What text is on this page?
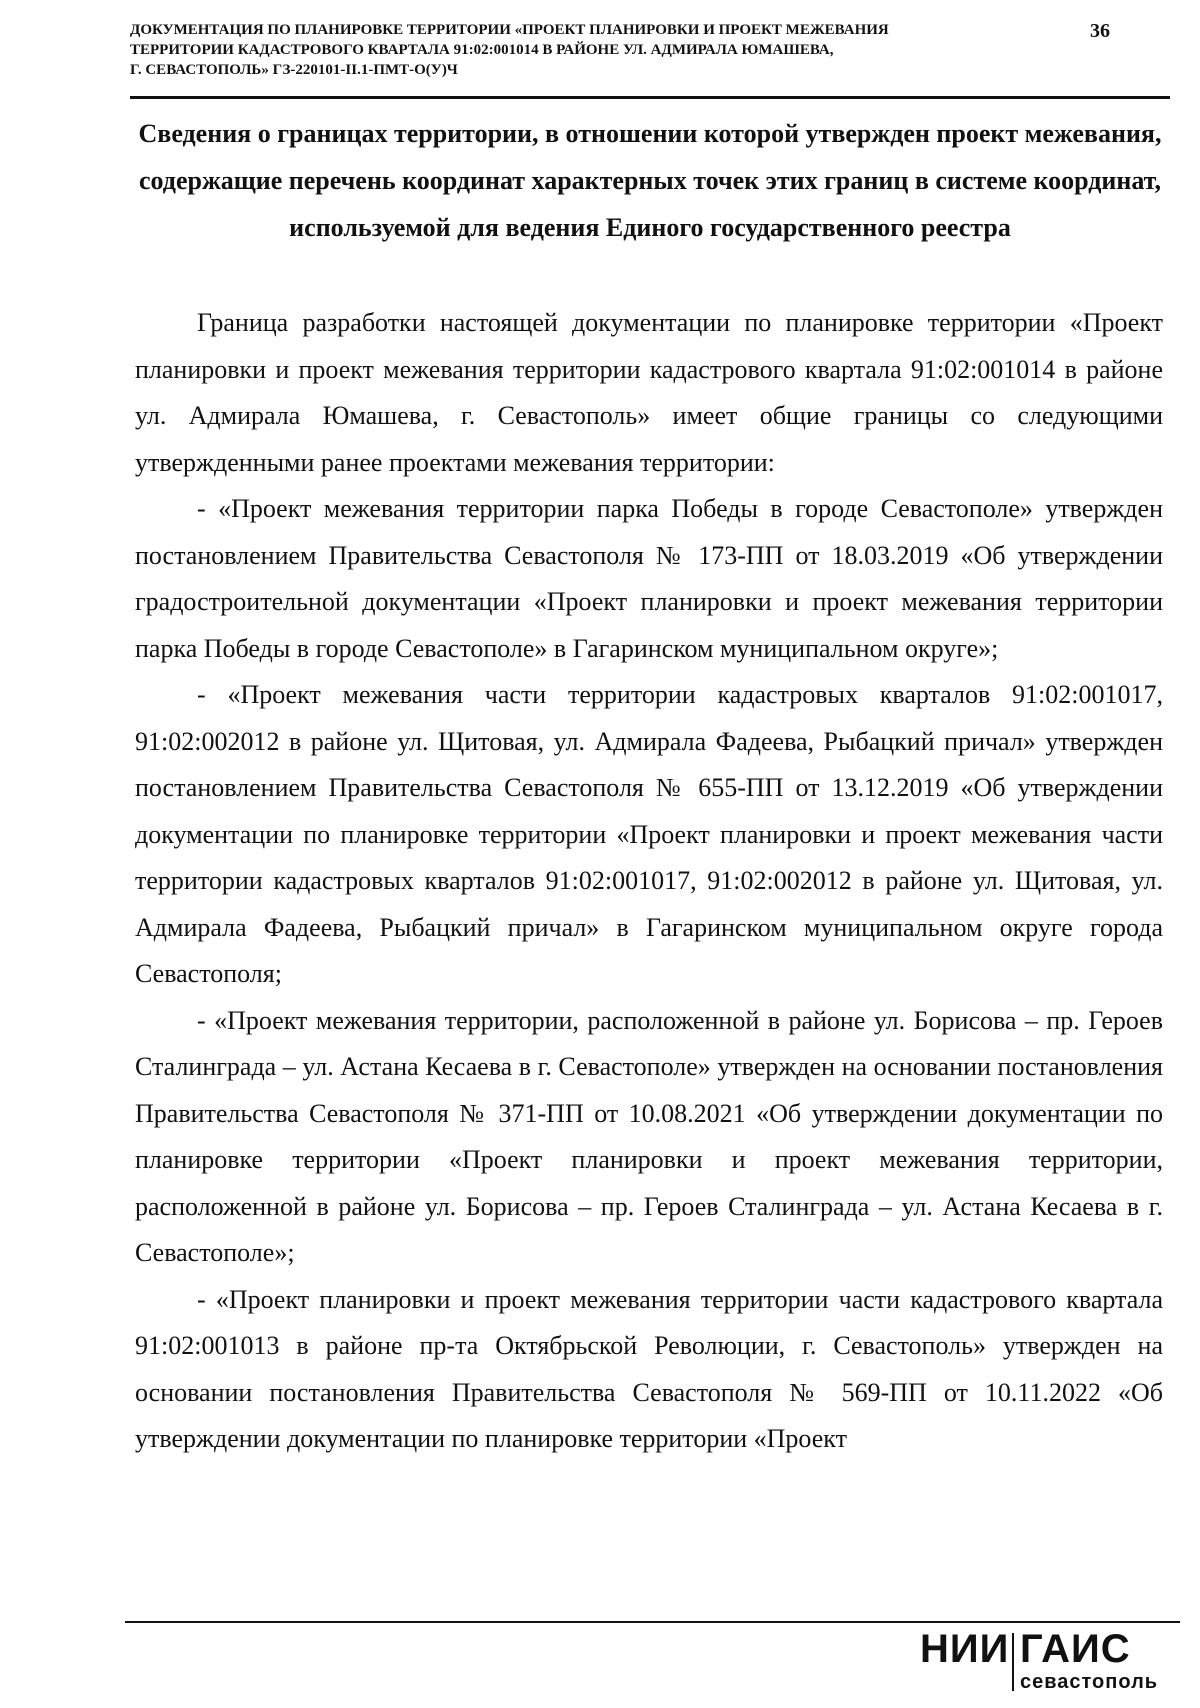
ДОКУМЕНТАЦИЯ ПО ПЛАНИРОВКЕ ТЕРРИТОРИИ «ПРОЕКТ ПЛАНИРОВКИ И ПРОЕКТ МЕЖЕВАНИЯ
ТЕРРИТОРИИ КАДАСТРОВОГО КВАРТАЛА 91:02:001014 В РАЙОНЕ УЛ. АДМИРАЛА ЮМАШЕВА,
Г. СЕВАСТОПОЛЬ» ГЗ-220101-II.1-ПМТ-О(У)Ч
36
Сведения о границах территории, в отношении которой утвержден проект межевания, содержащие перечень координат характерных точек этих границ в системе координат, используемой для ведения Единого государственного реестра

Граница разработки настоящей документации по планировке территории «Проект планировки и проект межевания территории кадастрового квартала 91:02:001014 в районе ул. Адмирала Юмашева, г. Севастополь» имеет общие границы со следующими утвержденными ранее проектами межевания территории:

- «Проект межевания территории парка Победы в городе Севастополе» утвержден постановлением Правительства Севастополя № 173-ПП от 18.03.2019 «Об утверждении градостроительной документации «Проект планировки и проект межевания территории парка Победы в городе Севастополе» в Гагаринском муниципальном округе»;

- «Проект межевания части территории кадастровых кварталов 91:02:001017, 91:02:002012 в районе ул. Щитовая, ул. Адмирала Фадеева, Рыбацкий причал» утвержден постановлением Правительства Севастополя № 655-ПП от 13.12.2019 «Об утверждении документации по планировке территории «Проект планировки и проект межевания части территории кадастровых кварталов 91:02:001017, 91:02:002012 в районе ул. Щитовая, ул. Адмирала Фадеева, Рыбацкий причал» в Гагаринском муниципальном округе города Севастополя;

- «Проект межевания территории, расположенной в районе ул. Борисова – пр. Героев Сталинграда – ул. Астана Кесаева в г. Севастополе» утвержден на основании постановления Правительства Севастополя № 371-ПП от 10.08.2021 «Об утверждении документации по планировке территории «Проект планировки и проект межевания территории, расположенной в районе ул. Борисова – пр. Героев Сталинграда – ул. Астана Кесаева в г. Севастополе»;

- «Проект планировки и проект межевания территории части кадастрового квартала 91:02:001013 в районе пр-та Октябрьской Революции, г. Севастополь» утвержден на основании постановления Правительства Севастополя № 569-ПП от 10.11.2022 «Об утверждении документации по планировке территории «Проект

НИИ ГАИС
севастополь
